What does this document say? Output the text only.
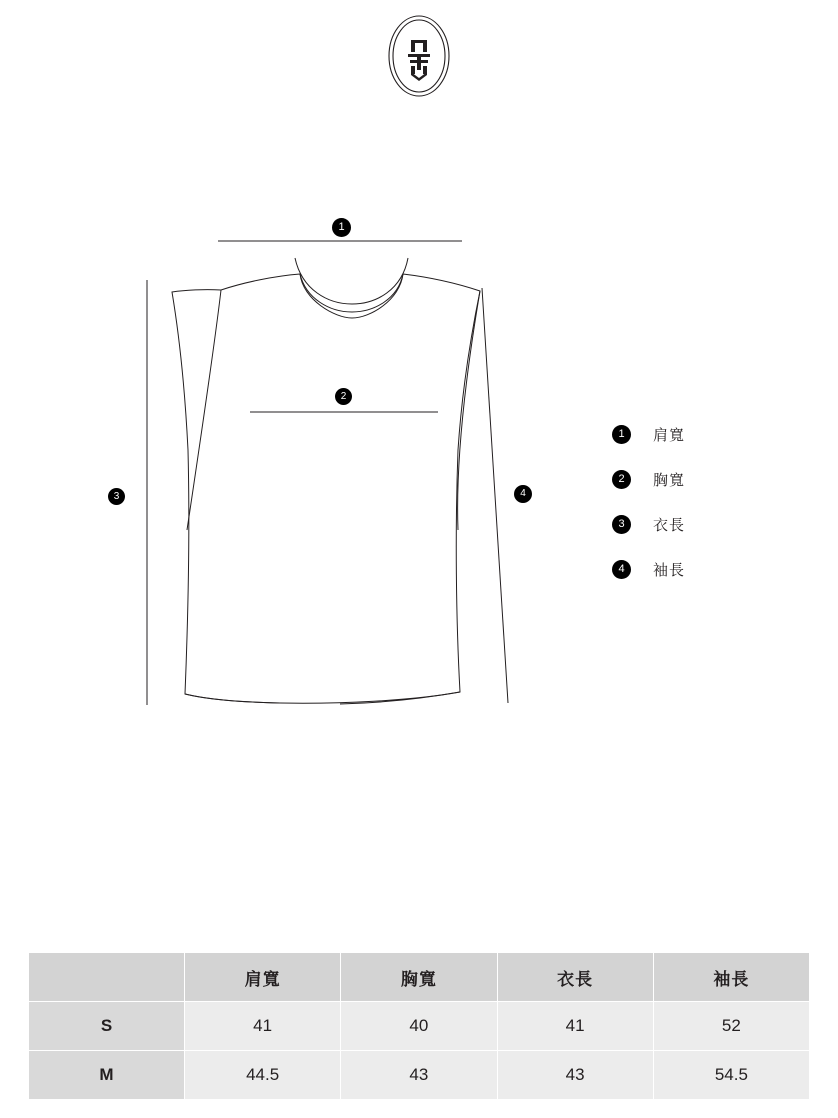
1
2
3	4
1	肩寬
2	胸寬
3	衣長
4	袖長
	肩寬	胸寬	衣長	袖長
S	41	40	41	52
M	44.5	43	43	54.5
